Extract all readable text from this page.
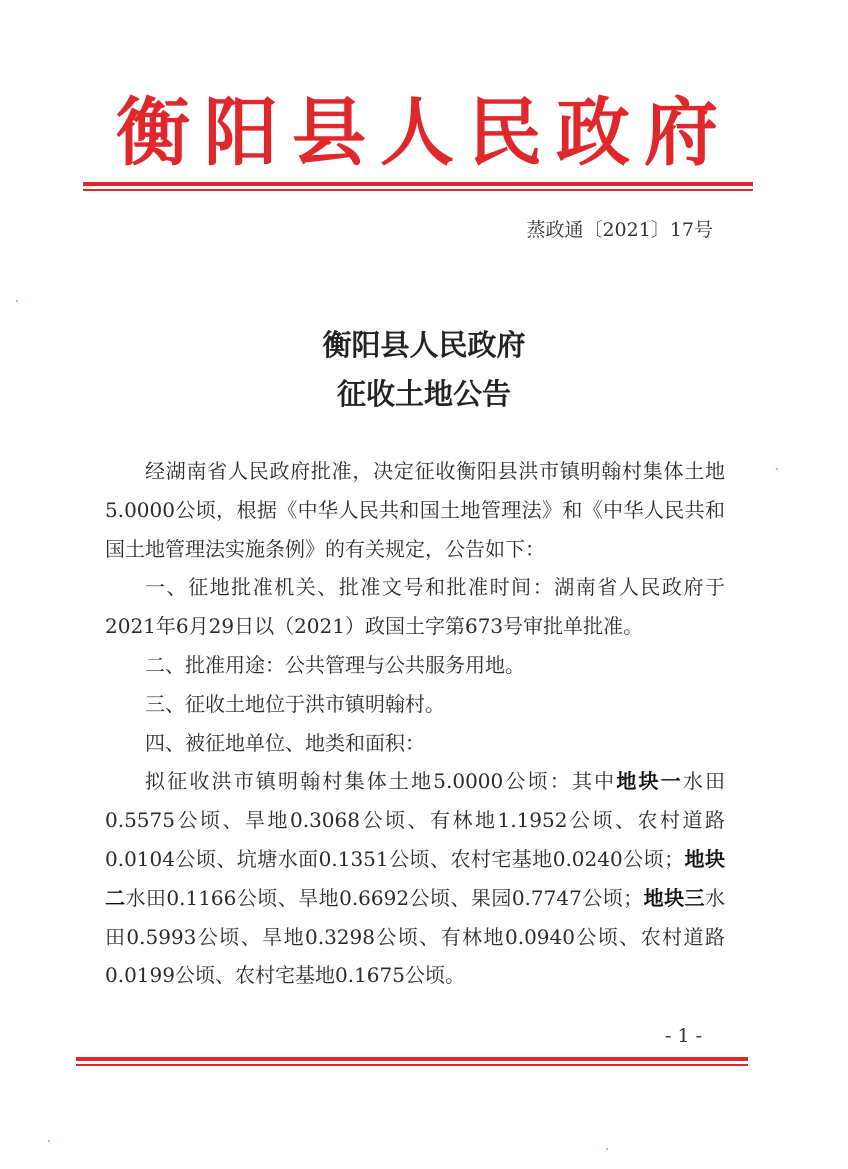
衡阳县人民政府
蒸政通〔2021〕17号
衡阳县人民政府
征收土地公告

经湖南省人民政府批准，决定征收衡阳县洪市镇明翰村集体土地5.0000公顷，根据《中华人民共和国土地管理法》和《中华人民共和国土地管理法实施条例》的有关规定，公告如下：

一、征地批准机关、批准文号和批准时间：湖南省人民政府于2021年6月29日以（2021）政国土字第673号审批单批准。

二、批准用途：公共管理与公共服务用地。

三、征收土地位于洪市镇明翰村。

四、被征地单位、地类和面积：

拟征收洪市镇明翰村集体土地5.0000公顷：其中地块一水田0.5575公顷、旱地0.3068公顷、有林地1.1952公顷、农村道路0.0104公顷、坑塘水面0.1351公顷、农村宅基地0.0240公顷；地块二水田0.1166公顷、旱地0.6692公顷、果园0.7747公顷；地块三水田0.5993公顷、旱地0.3298公顷、有林地0.0940公顷、农村道路0.0199公顷、农村宅基地0.1675公顷。

- 1 -
